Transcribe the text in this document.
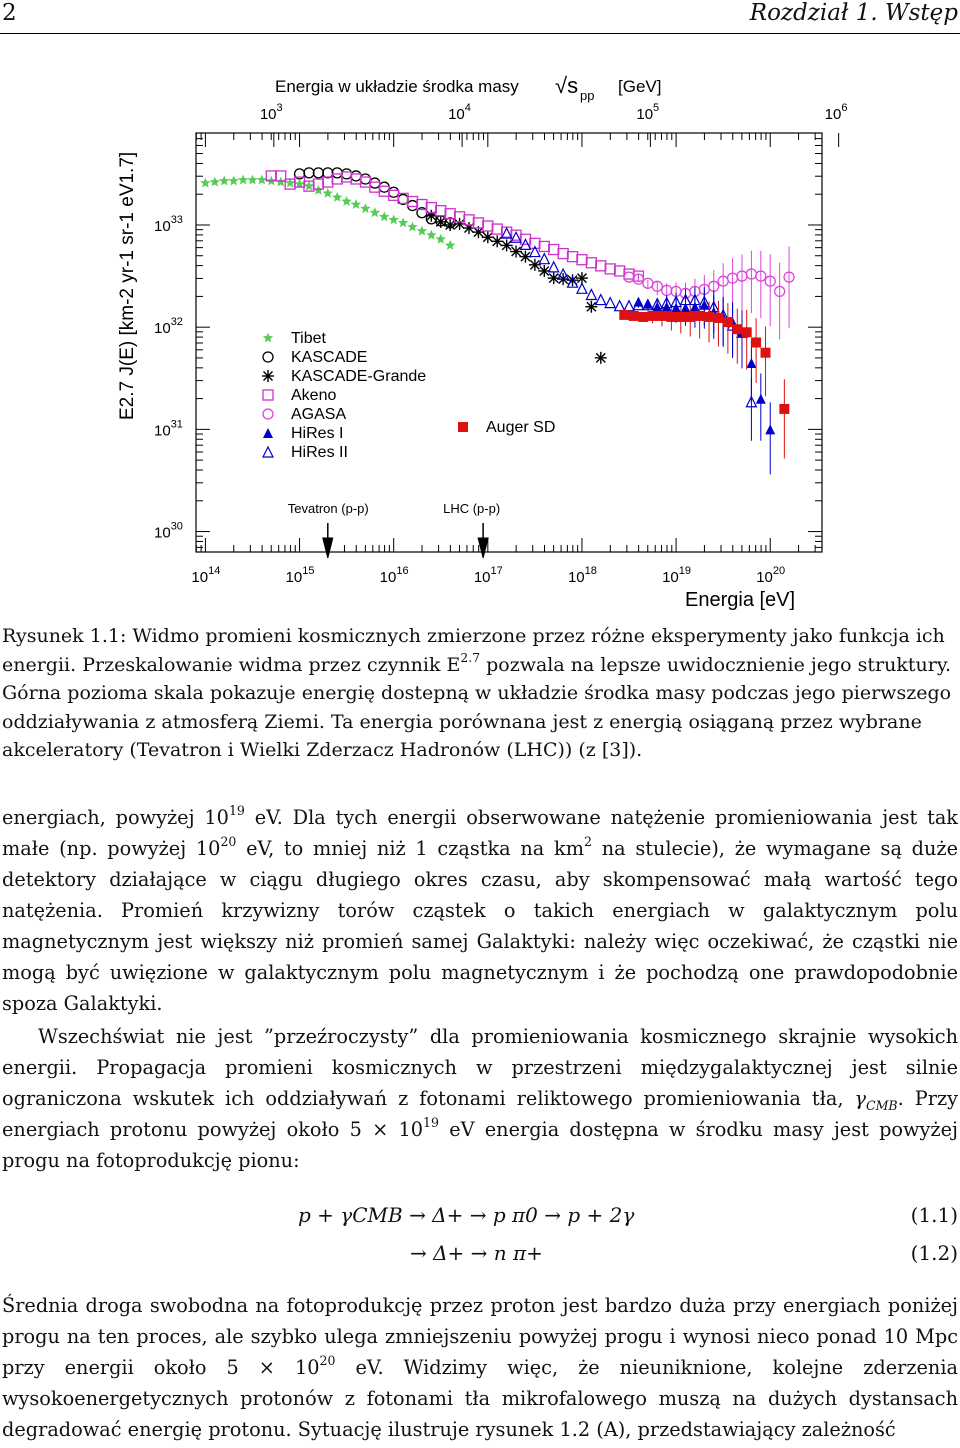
2	Rozdział 1. Wstęp
Energia w układzie środka masy √s pp [GeV]
$10^3$	$10^4$	$10^5$	$10^6$
$10^{30}$
$10^{31}$
$10^{32}$
$10^{33}$
$10^{14}$	$10^{15}$	$10^{16}$	$10^{17}$	$10^{18}$	$10^{19}$	$10^{20}$
E2.7 J(E) [km-2 yr-1 sr-1 eV1.7]
Energia [eV]
Tevatron (p-p)	LHC (p-p)
Tibet
KASCADE
KASCADE-Grande
Akeno
AGASA
HiRes I
HiRes II
Auger SD
Rysunek 1.1: Widmo promieni kosmicznych zmierzone przez różne eksperymenty jako funkcja ich energii. Przeskalowanie widma przez czynnik $E^{2.7}$ pozwala na lepsze uwidocznienie jego struktury. Górna pozioma skala pokazuje energię dostepną w układzie środka masy podczas jego pierwszego oddziaływania z atmosferą Ziemi. Ta energia porównana jest z energią osiąganą przez wybrane akceleratory (Tevatron i Wielki Zderzacz Hadronów (LHC)) (z [3]).
energiach, powyżej $10^{19}$ eV. Dla tych energii obserwowane natężenie promieniowania jest tak małe (np. powyżej $10^{20}$ eV, to mniej niż 1 cząstka na $km^2$ na stulecie), że wymagane są duże detektory działające w ciągu długiego okres czasu, aby skompensować małą wartość tego natężenia. Promień krzywizny torów cząstek o takich energiach w galaktycznym polu magnetycznym jest większy niż promień samej Galaktyki: należy więc oczekiwać, że cząstki nie mogą być uwięzione w galaktycznym polu magnetycznym i że pochodzą one prawdopodobnie spoza Galaktyki.
Wszechświat nie jest ”przeźroczysty” dla promieniowania kosmicznego skrajnie wysokich energii. Propagacja promieni kosmicznych w przestrzeni międzygalaktycznej jest silnie ograniczona wskutek ich oddziaływań z fotonami reliktowego promieniowania tła, $\gamma_{CMB}$. Przy energiach protonu powyżej około $5 \times 10^{19}$ eV energia dostępna w środku masy jest powyżej progu na fotoprodukcję pionu:
p + γCMB → Δ+ → p π0 → p + 2γ	(1.1)
→ Δ+ → n π+	(1.2)
Średnia droga swobodna na fotoprodukcję przez proton jest bardzo duża przy energiach poniżej progu na ten proces, ale szybko ulega zmniejszeniu powyżej progu i wynosi nieco ponad 10 Mpc przy energii około $5 \times 10^{20}$ eV. Widzimy więc, że nieuniknione, kolejne zderzenia wysokoenergetycznych protonów z fotonami tła mikrofalowego muszą na dużych dystansach degradować energię protonu. Sytuację ilustruje rysunek 1.2 (A), przedstawiający zależność
